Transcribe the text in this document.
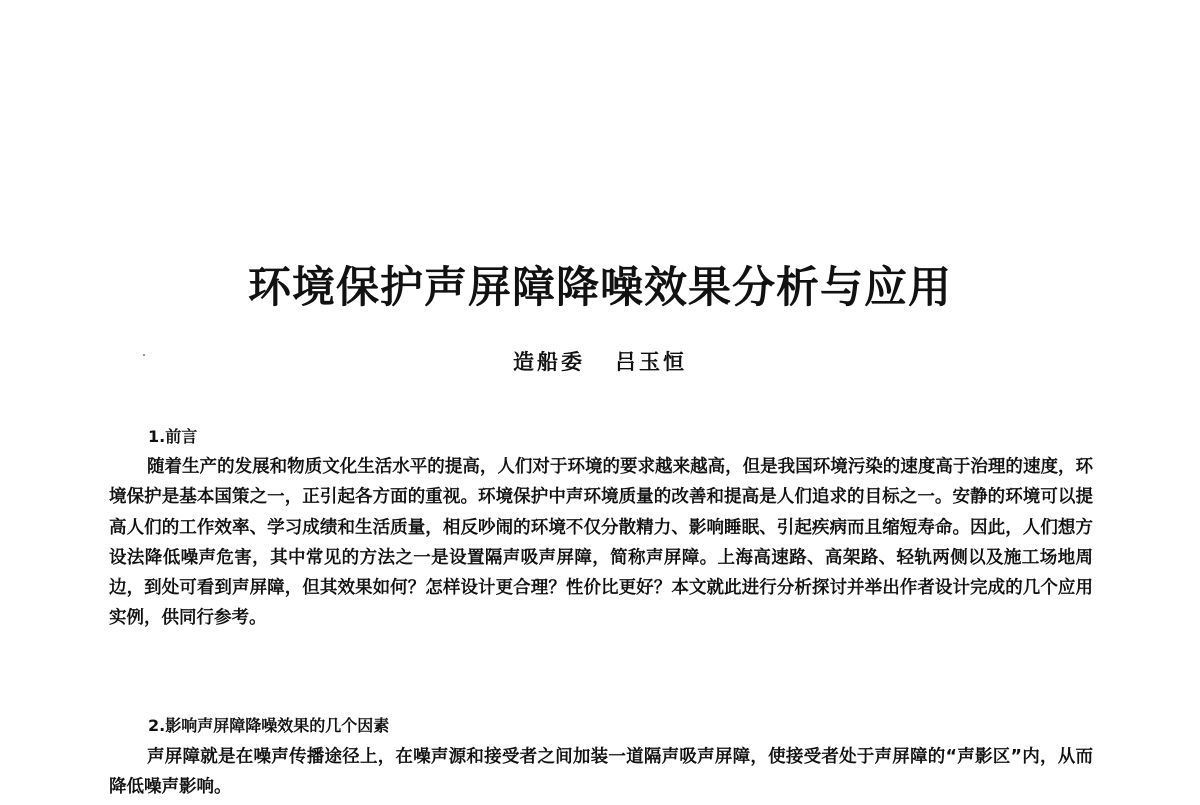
环境保护声屏障降噪效果分析与应用
造船委 吕玉恒
1.前言

随着生产的发展和物质文化生活水平的提高，人们对于环境的要求越来越高，但是我国环境污染的速度高于治理的速度，环境保护是基本国策之一，正引起各方面的重视。环境保护中声环境质量的改善和提高是人们追求的目标之一。安静的环境可以提高人们的工作效率、学习成绩和生活质量，相反吵闹的环境不仅分散精力、影响睡眠、引起疾病而且缩短寿命。因此，人们想方设法降低噪声危害，其中常见的方法之一是设置隔声吸声屏障，简称声屏障。上海高速路、高架路、轻轨两侧以及施工场地周边，到处可看到声屏障，但其效果如何？怎样设计更合理？性价比更好？本文就此进行分析探讨并举出作者设计完成的几个应用实例，供同行参考。

2.影响声屏障降噪效果的几个因素

声屏障就是在噪声传播途径上，在噪声源和接受者之间加装一道隔声吸声屏障，使接受者处于声屏障的“声影区”内，从而降低噪声影响。
